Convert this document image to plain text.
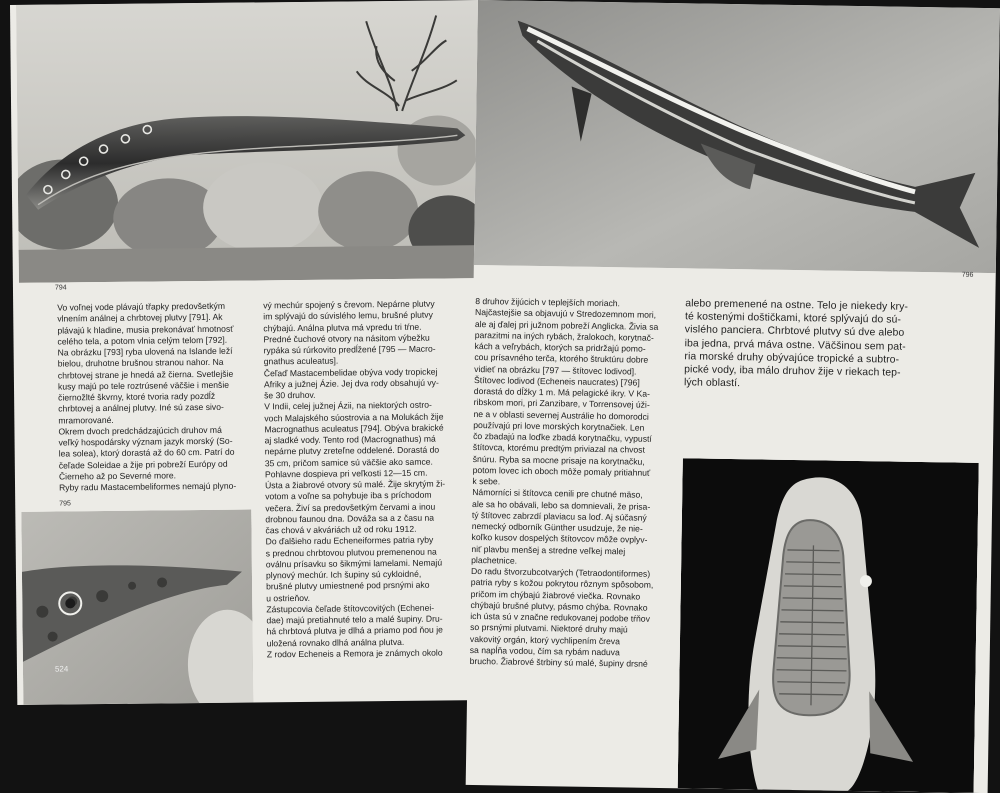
794

Vo voľnej vode plávajú třapky predovšetkým
vlnením análnej a chrbtovej plutvy [791]. Ak
plávajú k hladine, musia prekonávať hmotnosť
celého tela, a potom vlnia celým telom [792].

Na obrázku [793] ryba ulovená na Islande leží
bielou, druhotne brušnou stranou nahor. Na
chrbtovej strane je hnedá až čierna. Svetlejšie
kusy majú po tele roztrúsené väčšie i menšie
čiernožlté škvrny, ktoré tvoria rady pozdĺž
chrbtovej a análnej plutvy. Iné sú zase sivo-
mramorované.

Okrem dvoch predchádzajúcich druhov má
veľký hospodársky význam jazyk morský (So-
lea solea), ktorý dorastá až do 60 cm. Patrí do
čeľade Soleidae a žije pri pobreží Európy od
Čierneho až po Severné more.

Ryby radu Mastacembeliformes nemajú plyno-

795
524

vý mechúr spojený s črevom. Nepárne plutvy
im splývajú do súvislého lemu, brušné plutvy
chýbajú. Análna plutva má vpredu tri tŕne.
Predné čuchové otvory na násitom výbežku
rypáka sú rúrkovito predĺžené [795 — Macro-
gnathus aculeatus].

Čeľaď Mastacembelidae obýva vody tropickej
Afriky a južnej Ázie. Jej dva rody obsahujú vy-
še 30 druhov.

V Indii, celej južnej Ázii, na niektorých ostro-
voch Malajského súostrovia a na Molukách žije
Macrognathus aculeatus [794]. Obýva brakické
aj sladké vody. Tento rod (Macrognathus) má
nepárne plutvy zreteľne oddelené. Dorastá do
35 cm, pričom samice sú väčšie ako samce.
Pohlavne dospieva pri veľkosti 12—15 cm.
Ústa a žiabrové otvory sú malé. Žije skrytým ži-
votom a voľne sa pohybuje iba s príchodom
večera. Živí sa predovšetkým červami a inou
drobnou faunou dna. Dováža sa a z času na
čas chová v akváriách už od roku 1912.

Do ďalšieho radu Echeneiformes patria ryby
s prednou chrbtovou plutvou premenenou na
oválnu prísavku so šikmými lamelami. Nemajú
plynový mechúr. Ich šupiny sú cykloidné,
brušné plutvy umiestnené pod prsnými ako
u ostrieňov.

Zástupcovia čeľade štítovcovitých (Echenei-
dae) majú pretiahnuté telo a malé šupiny. Dru-
há chrbtová plutva je dlhá a priamo pod ňou je
uložená rovnako dlhá análna plutva.

Z rodov Echeneis a Remora je známych okolo

796

8 druhov žijúcich v teplejších moriach.
Najčastejšie sa objavujú v Stredozemnom mori,
ale aj ďalej pri južnom pobreží Anglicka. Živia sa
parazitmi na iných rybách, žralokoch, korytnač-
kách a veľrybách, ktorých sa pridržajú pomo-
cou prísavného terča, ktorého štruktúru dobre
vidieť na obrázku [797 — štítovec lodivod].

Štítovec lodivod (Echeneis naucrates) [796]
dorastá do dĺžky 1 m. Má pelagické ikry. V Ka-
ribskom mori, pri Zanzibare, v Torrensovej úži-
ne a v oblasti severnej Austrálie ho domorodci
používajú pri love morských korytnačiek. Len
čo zbadajú na loďke zbadá korytnačku, vypustí
štítovca, ktorému predtým priviazal na chvost
šnúru. Ryba sa mocne prisaje na korytnačku,
potom lovec ich oboch môže pomaly pritiahnuť
k sebe.

Námorníci si štítovca cenili pre chutné mäso,
ale sa ho obávali, lebo sa domnievali, že prisa-
tý štítovec zabrzdí plaviacu sa loď. Aj súčasný
nemecký odborník Günther usudzuje, že nie-
koľko kusov dospelých štítovcov môže ovplyv-
niť plavbu menšej a stredne veľkej malej plachetnice.

Do radu štvorzubcotvarých (Tetraodontiformes)
patria ryby s kožou pokrytou rôznym spôsobom,
pričom im chýbajú žiabrové viečka. Rovnako
chýbajú brušné plutvy, pásmo chýba. Rovnako
ich ústa sú v značne redukovanej podobe tŕňov
so prsnými plutvami. Niektoré druhy majú
vakovitý orgán, ktorý vychlipením čreva
sa napĺňa vodou, čím sa rybám naduva
brucho. Žiabrové štrbiny sú malé, šupiny drsné

alebo premenené na ostne. Telo je niekedy kry-
té kostenými doštičkami, ktoré splývajú do sú-
vislého panciera. Chrbtové plutvy sú dve alebo
iba jedna, prvá máva ostne. Väčšinou sem pat-
ria morské druhy obývajúce tropické a subtro-
pické vody, iba málo druhov žije v riekach tep-
lých oblastí.
